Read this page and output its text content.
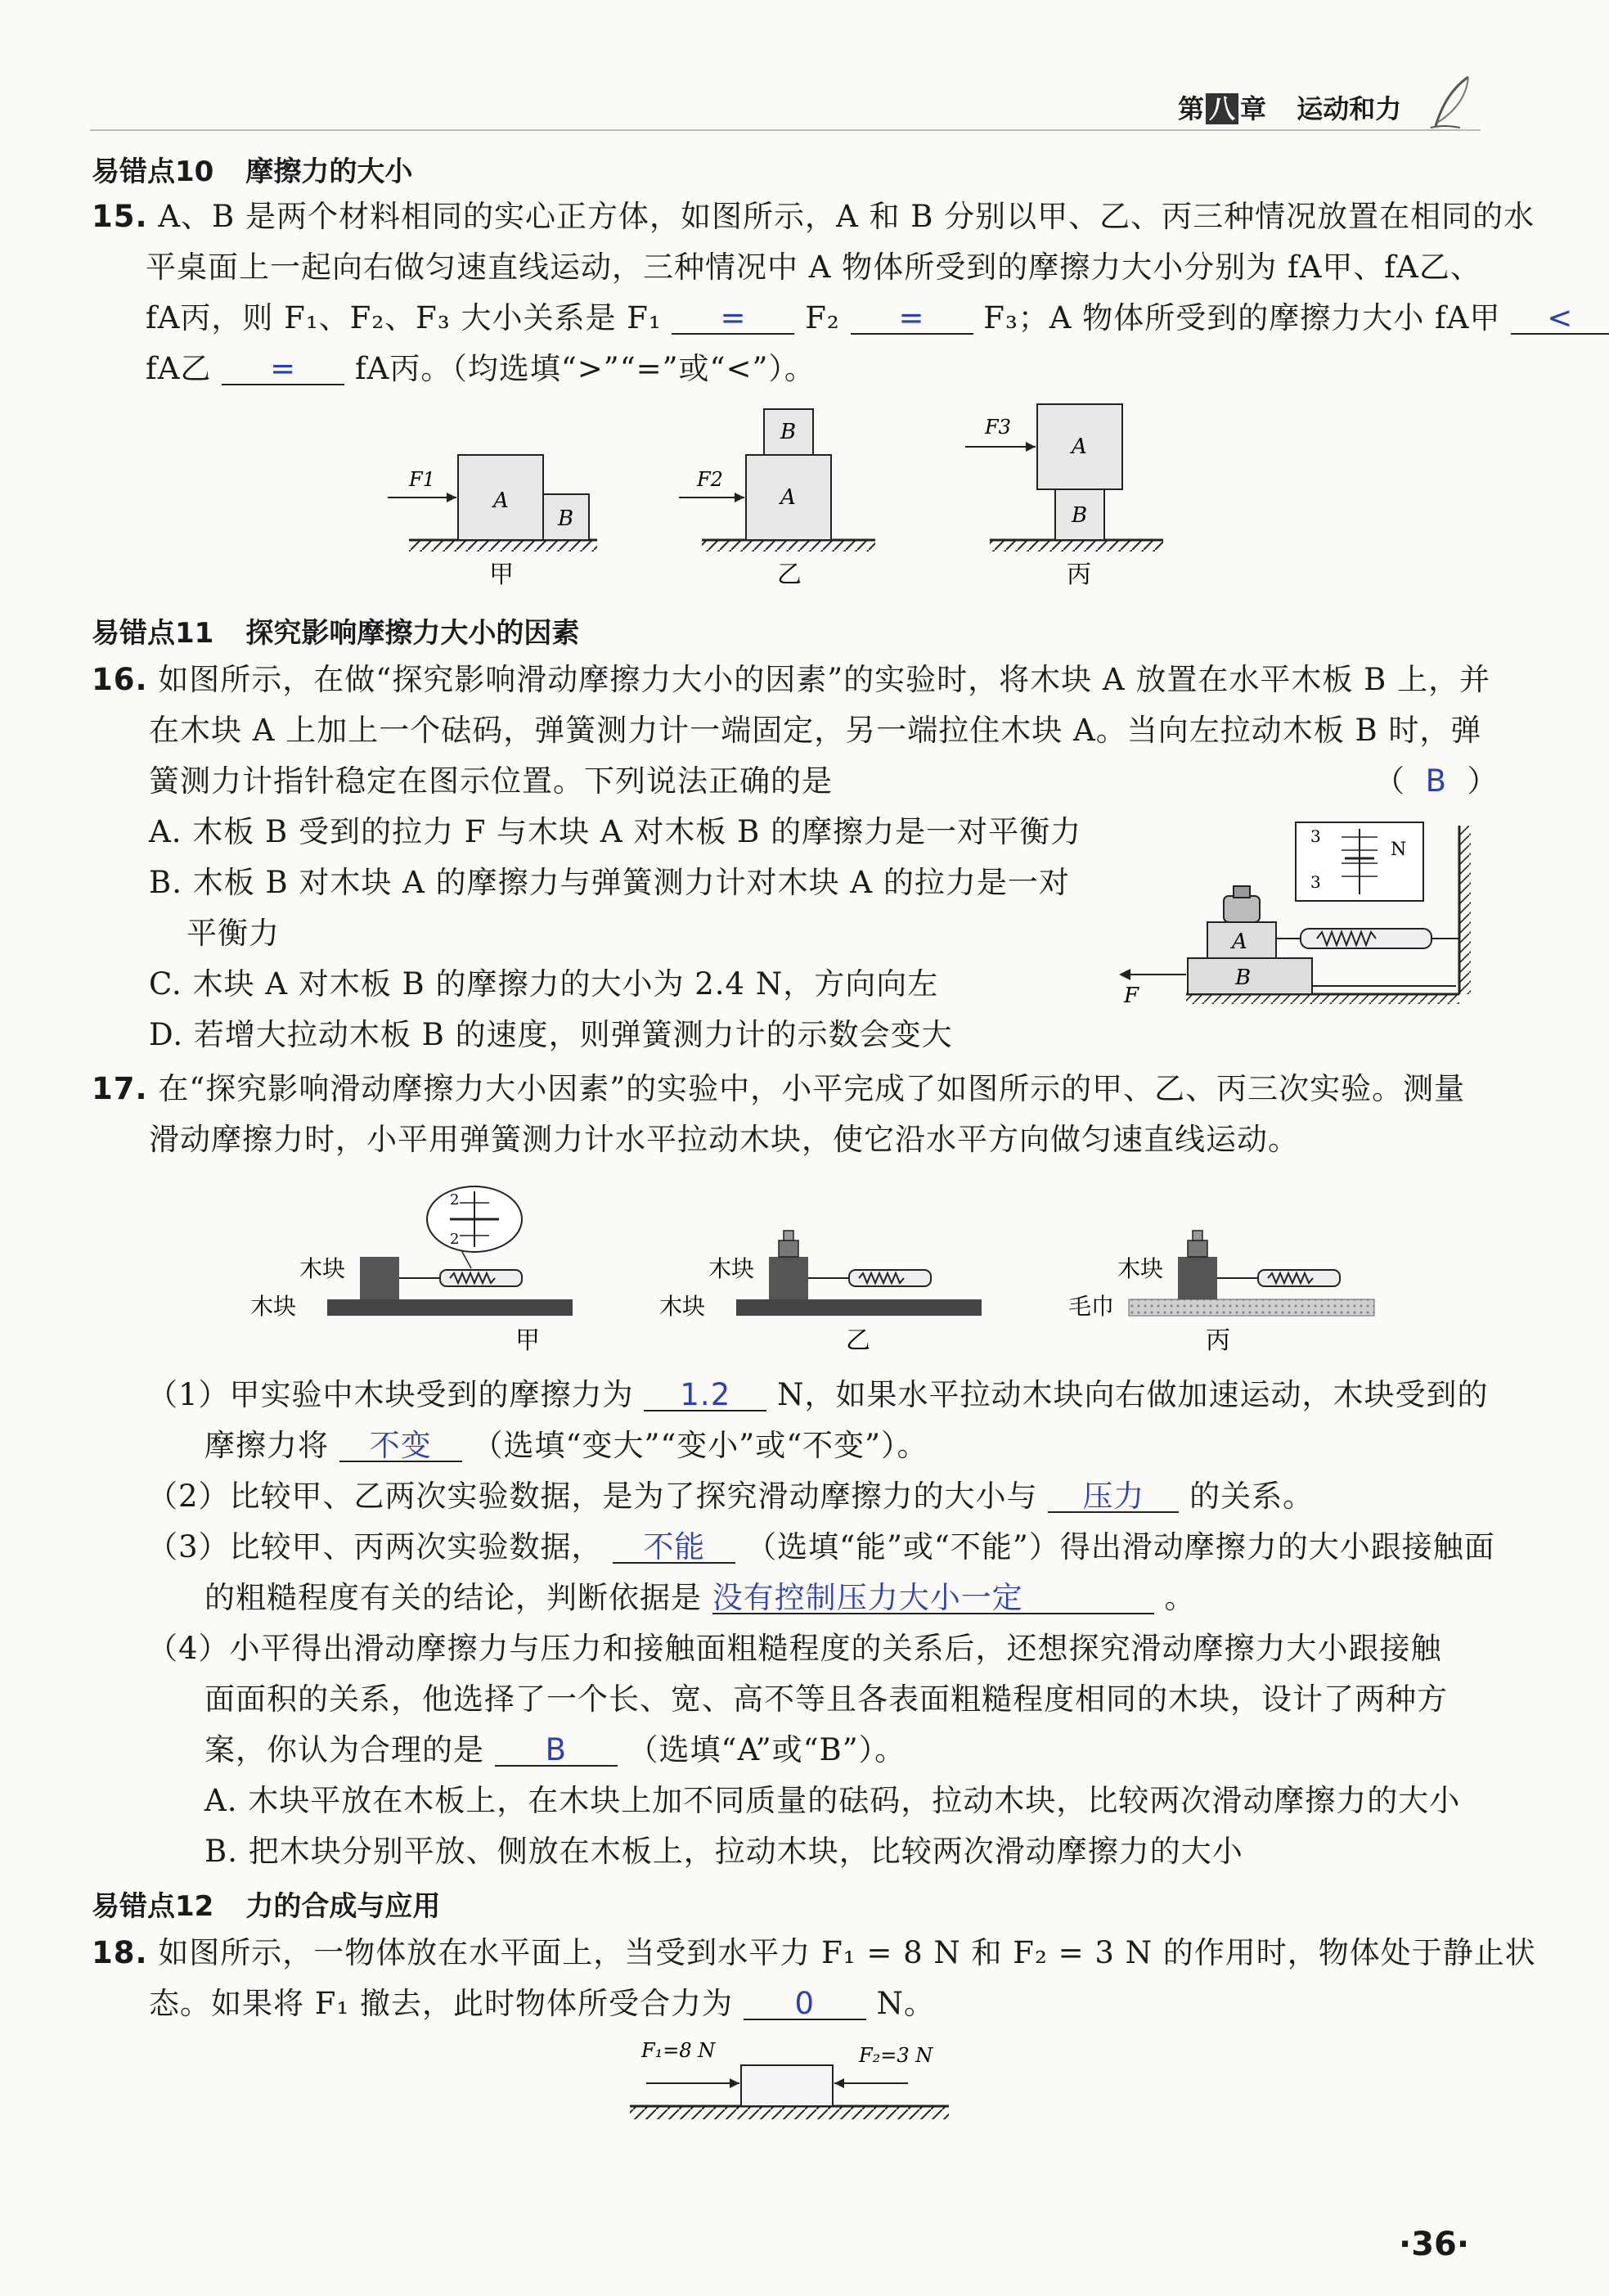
第 八 章 运动和力
易错点10 摩擦力的大小
15. A、B 是两个材料相同的实心正方体，如图所示，A 和 B 分别以甲、乙、丙三种情况放置在相同的水
平桌面上一起向右做匀速直线运动，三种情况中 A 物体所受到的摩擦力大小分别为 fA甲、fA乙、
fA丙，则 F₁、F₂、F₃ 大小关系是 F₁ = F₂ = F₃；A 物体所受到的摩擦力大小 fA甲 <
fA乙 = fA丙。（均选填“>”“=”或“<”）。
F1
A
B
甲
F2
A
B
乙
F3
A
B
丙
易错点11 探究影响摩擦力大小的因素
16. 如图所示，在做“探究影响滑动摩擦力大小的因素”的实验时，将木块 A 放置在水平木板 B 上，并
在木块 A 上加上一个砝码，弹簧测力计一端固定，另一端拉住木块 A。当向左拉动木板 B 时，弹
簧测力计指针稳定在图示位置。下列说法正确的是	（ B ）
A. 木板 B 受到的拉力 F 与木块 A 对木板 B 的摩擦力是一对平衡力
B. 木板 B 对木块 A 的摩擦力与弹簧测力计对木块 A 的拉力是一对
平衡力
C. 木块 A 对木板 B 的摩擦力的大小为 2.4 N，方向向左
D. 若增大拉动木板 B 的速度，则弹簧测力计的示数会变大
B
A
3
3
N
F
17. 在“探究影响滑动摩擦力大小因素”的实验中，小平完成了如图所示的甲、乙、丙三次实验。测量
滑动摩擦力时，小平用弹簧测力计水平拉动木块，使它沿水平方向做匀速直线运动。
2
2
木块
木块
甲
木块
木块
乙
木块
毛巾
丙
（1）甲实验中木块受到的摩擦力为 1.2 N，如果水平拉动木块向右做加速运动，木块受到的
摩擦力将 不变 （选填“变大”“变小”或“不变”）。
（2）比较甲、乙两次实验数据，是为了探究滑动摩擦力的大小与 压力 的关系。
（3）比较甲、丙两次实验数据， 不能 （选填“能”或“不能”）得出滑动摩擦力的大小跟接触面
的粗糙程度有关的结论，判断依据是 没有控制压力大小一定	。
（4）小平得出滑动摩擦力与压力和接触面粗糙程度的关系后，还想探究滑动摩擦力大小跟接触
面面积的关系，他选择了一个长、宽、高不等且各表面粗糙程度相同的木块，设计了两种方
案，你认为合理的是 B （选填“A”或“B”）。
A. 木块平放在木板上，在木块上加不同质量的砝码，拉动木块，比较两次滑动摩擦力的大小
B. 把木块分别平放、侧放在木板上，拉动木块，比较两次滑动摩擦力的大小
易错点12 力的合成与应用
18. 如图所示，一物体放在水平面上，当受到水平力 F₁ = 8 N 和 F₂ = 3 N 的作用时，物体处于静止状
态。如果将 F₁ 撤去，此时物体所受合力为 0 N。
F₁=8 N	F₂=3 N
·36·
